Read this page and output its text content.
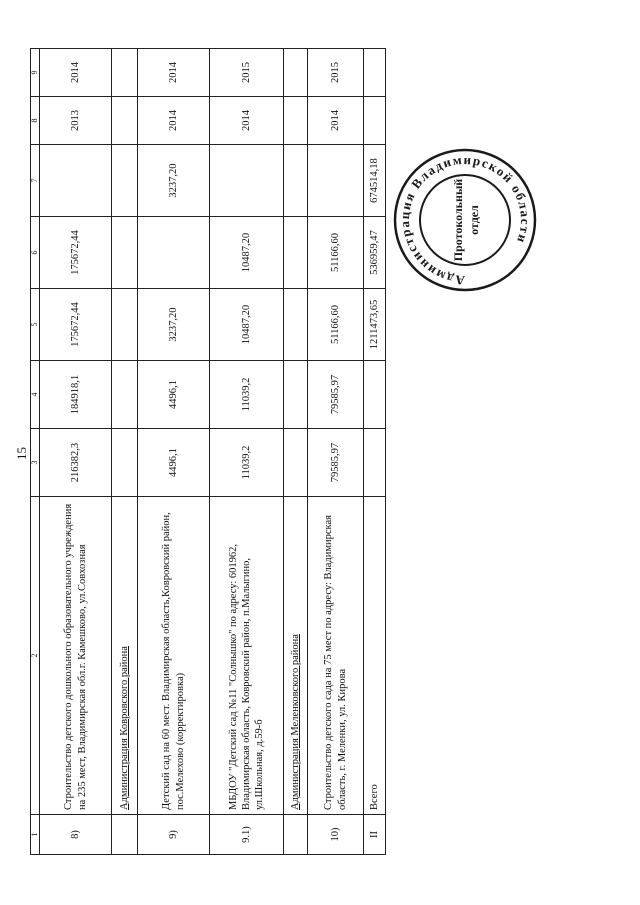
15
1	2	3	4	5	6	7	8	9
8)	Строительство детского дошкольного образовательного учреждения на 235 мест, Владимирская обл.г. Камешково, ул.Совхозная	216382,3	184918,1	175672,44	175672,44		2013	2014
	Администрация Ковровского района							
9)	Детский сад на 60 мест. Владимирская область,Ковровский район, пос.Мелехово (корректировка)	4496,1	4496,1	3237,20		3237,20	2014	2014
9.1)	МБДОУ "Детский сад №11 "Солнышко" по адресу: 601962, Владимирская область, Ковровский район, п.Малыгино, ул.Школьная, д.59-б	11039,2	11039,2	10487,20	10487,20		2014	2015
	Администрация Меленковского района							
10)	Строительство детского сада на 75 мест по адресу: Владимирская область, г. Меленки, ул. Кирова	79585,97	79585,97	51166,60	51166,60		2014	2015
II	Всего			1211473,65	536959,47	674514,18		
Администрация Владимирской области
Протокольный отдел
